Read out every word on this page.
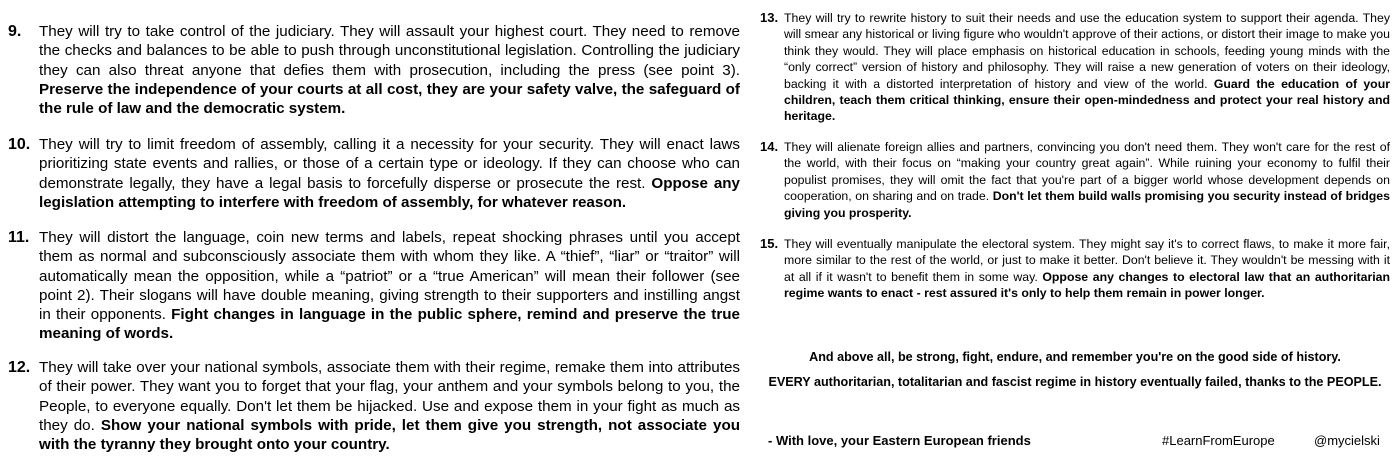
9. They will try to take control of the judiciary. They will assault your highest court. They need to remove the checks and balances to be able to push through unconstitutional legislation. Controlling the judiciary they can also threat anyone that defies them with prosecution, including the press (see point 3). Preserve the independence of your courts at all cost, they are your safety valve, the safeguard of the rule of law and the democratic system.
10. They will try to limit freedom of assembly, calling it a necessity for your security. They will enact laws prioritizing state events and rallies, or those of a certain type or ideology. If they can choose who can demonstrate legally, they have a legal basis to forcefully disperse or prosecute the rest. Oppose any legislation attempting to interfere with freedom of assembly, for whatever reason.
11. They will distort the language, coin new terms and labels, repeat shocking phrases until you accept them as normal and subconsciously associate them with whom they like. A “thief”, “liar” or “traitor” will automatically mean the opposition, while a “patriot” or a “true American” will mean their follower (see point 2). Their slogans will have double meaning, giving strength to their supporters and instilling angst in their opponents. Fight changes in language in the public sphere, remind and preserve the true meaning of words.
12. They will take over your national symbols, associate them with their regime, remake them into attributes of their power. They want you to forget that your flag, your anthem and your symbols belong to you, the People, to everyone equally. Don't let them be hijacked. Use and expose them in your fight as much as they do. Show your national symbols with pride, let them give you strength, not associate you with the tyranny they brought onto your country.
13. They will try to rewrite history to suit their needs and use the education system to support their agenda. They will smear any historical or living figure who wouldn't approve of their actions, or distort their image to make you think they would. They will place emphasis on historical education in schools, feeding young minds with the “only correct” version of history and philosophy. They will raise a new generation of voters on their ideology, backing it with a distorted interpretation of history and view of the world. Guard the education of your children, teach them critical thinking, ensure their open-mindedness and protect your real history and heritage.
14. They will alienate foreign allies and partners, convincing you don't need them. They won't care for the rest of the world, with their focus on “making your country great again”. While ruining your economy to fulfil their populist promises, they will omit the fact that you're part of a bigger world whose development depends on cooperation, on sharing and on trade. Don't let them build walls promising you security instead of bridges giving you prosperity.
15. They will eventually manipulate the electoral system. They might say it's to correct flaws, to make it more fair, more similar to the rest of the world, or just to make it better. Don't believe it. They wouldn't be messing with it at all if it wasn't to benefit them in some way. Oppose any changes to electoral law that an authoritarian regime wants to enact - rest assured it's only to help them remain in power longer.
And above all, be strong, fight, endure, and remember you're on the good side of history.
EVERY authoritarian, totalitarian and fascist regime in history eventually failed, thanks to the PEOPLE.
- With love, your Eastern European friends	#LearnFromEurope	@mycielski
